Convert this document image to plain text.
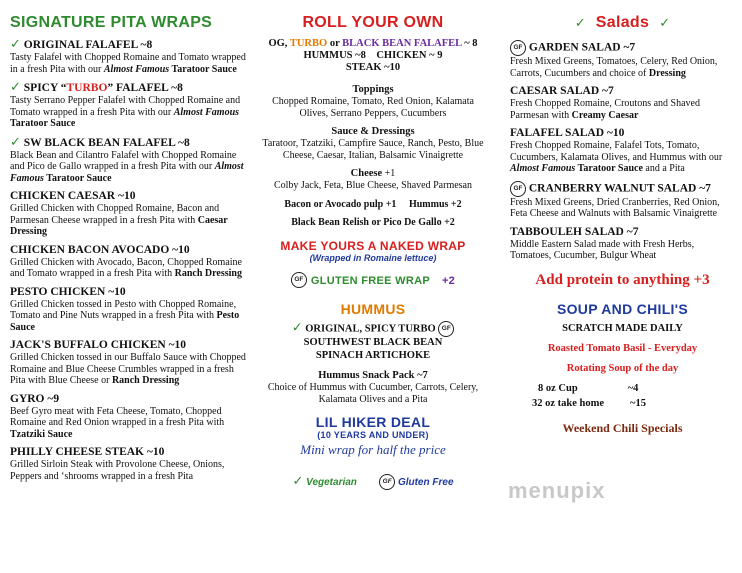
SIGNATURE PITA WRAPS
✓ ORIGINAL FALAFEL ~8
Tasty Falafel with Chopped Romaine and Tomato wrapped in a fresh Pita with our Almost Famous Taratoor Sauce
✓ SPICY “TURBO” FALAFEL ~8
Tasty Serrano Pepper Falafel with Chopped Romaine and Tomato wrapped in a fresh Pita with our Almost Famous Taratoor Sauce
✓ SW BLACK BEAN FALAFEL ~8
Black Bean and Cilantro Falafel with Chopped Romaine and Pico de Gallo wrapped in a fresh Pita with our Almost Famous Taratoor Sauce
CHICKEN CAESAR ~10
Grilled Chicken with Chopped Romaine, Bacon and Parmesan Cheese wrapped in a fresh Pita with Caesar Dressing
CHICKEN BACON AVOCADO ~10
Grilled Chicken with Avocado, Bacon, Chopped Romaine and Tomato wrapped in a fresh Pita with Ranch Dressing
PESTO CHICKEN ~10
Grilled Chicken tossed in Pesto with Chopped Romaine, Tomato and Pine Nuts wrapped in a fresh Pita with Pesto Sauce
JACK'S BUFFALO CHICKEN ~10
Grilled Chicken tossed in our Buffalo Sauce with Chopped Romaine and Blue Cheese Crumbles wrapped in a fresh Pita with Blue Cheese or Ranch Dressing
GYRO ~9
Beef Gyro meat with Feta Cheese, Tomato, Chopped Romaine and Red Onion wrapped in a fresh Pita with Tzatziki Sauce
PHILLY CHEESE STEAK ~10
Grilled Sirloin Steak with Provolone Cheese, Onions, Peppers and ‘shrooms wrapped in a fresh Pita
ROLL YOUR OWN
OG, TURBO or BLACK BEAN FALAFEL ~ 8
HUMMUS ~8 CHICKEN ~ 9
STEAK ~10
Toppings
Chopped Romaine, Tomato, Red Onion, Kalamata Olives, Serrano Peppers, Cucumbers
Sauce & Dressings
Taratoor, Tzatziki, Campfire Sauce, Ranch, Pesto, Blue Cheese, Caesar, Italian, Balsamic Vinaigrette
Cheese +1
Colby Jack, Feta, Blue Cheese, Shaved Parmesan
Bacon or Avocado pulp +1 Hummus +2
Black Bean Relish or Pico De Gallo +2
MAKE YOURS A NAKED WRAP
(Wrapped in Romaine lettuce)
GF GLUTEN FREE WRAP +2
HUMMUS
✓ ORIGINAL, SPICY TURBO GF
SOUTHWEST BLACK BEAN
SPINACH ARTICHOKE
Hummus Snack Pack ~7
Choice of Hummus with Cucumber, Carrots, Celery, Kalamata Olives and a Pita
LIL HIKER DEAL
(10 YEARS AND UNDER)
Mini wrap for half the price
✓ Vegetarian	GF Gluten Free
✓ Salads ✓
GF GARDEN SALAD ~7
Fresh Mixed Greens, Tomatoes, Celery, Red Onion, Carrots, Cucumbers and choice of Dressing
CAESAR SALAD ~7
Fresh Chopped Romaine, Croutons and Shaved Parmesan with Creamy Caesar
FALAFEL SALAD ~10
Fresh Chopped Romaine, Falafel Tots, Tomato, Cucumbers, Kalamata Olives, and Hummus with our Almost Famous Taratoor Sauce and a Pita
GF CRANBERRY WALNUT SALAD ~7
Fresh Mixed Greens, Dried Cranberries, Red Onion, Feta Cheese and Walnuts with Balsamic Vinaigrette
TABBOULEH SALAD ~7
Middle Eastern Salad made with Fresh Herbs, Tomatoes, Cucumber, Bulgur Wheat
Add protein to anything +3
SOUP AND CHILI'S
SCRATCH MADE DAILY
Roasted Tomato Basil - Everyday
Rotating Soup of the day
8 oz Cup	~4
32 oz take home ~15
Weekend Chili Specials
menupix
